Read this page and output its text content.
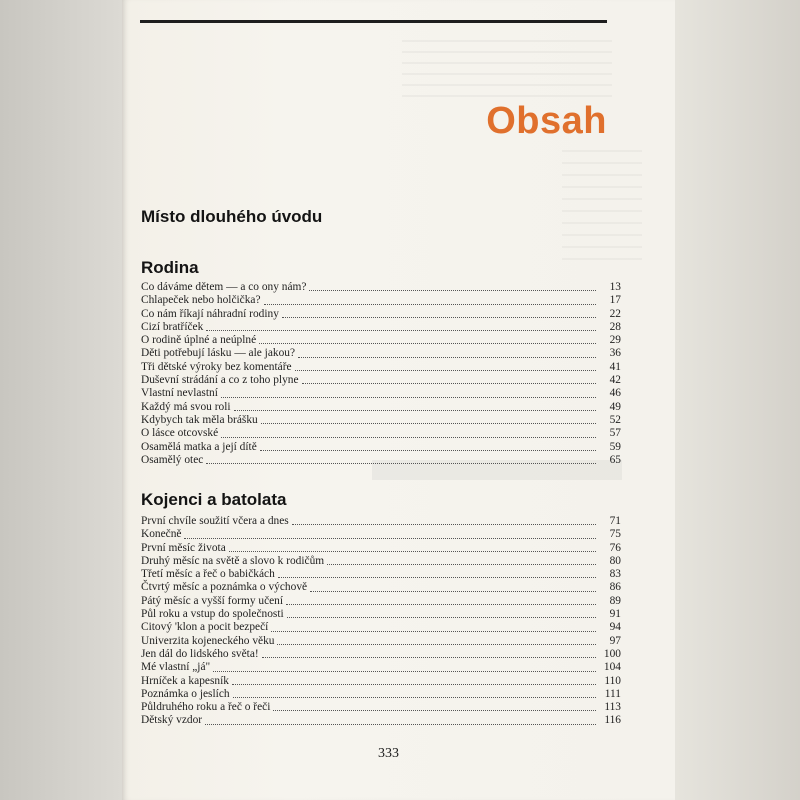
Obsah
Místo dlouhého úvodu
Rodina
Co dáváme dětem — a co ony nám?	13
Chlapeček nebo holčička?	17
Co nám říkají náhradní rodiny	22
Cizí bratříček	28
O rodině úplné a neúplné	29
Děti potřebují lásku — ale jakou?	36
Tři dětské výroky bez komentáře	41
Duševní strádání a co z toho plyne	42
Vlastní nevlastní	46
Každý má svou roli	49
Kdybych tak měla brášku	52
O lásce otcovské	57
Osamělá matka a její dítě	59
Osamělý otec	65
Kojenci a batolata
První chvíle soužití včera a dnes	71
Konečně	75
První měsíc života	76
Druhý měsíc na světě a slovo k rodičům	80
Třetí měsíc a řeč o babičkách	83
Čtvrtý měsíc a poznámka o výchově	86
Pátý měsíc a vyšší formy učení	89
Půl roku a vstup do společnosti	91
Citový 'klon a pocit bezpečí	94
Univerzita kojeneckého věku	97
Jen dál do lidského světa!	100
Mé vlastní „já"	104
Hrníček a kapesník	110
Poznámka o jeslích	111
Půldruhého roku a řeč o řeči	113
Dětský vzdor	116
333
